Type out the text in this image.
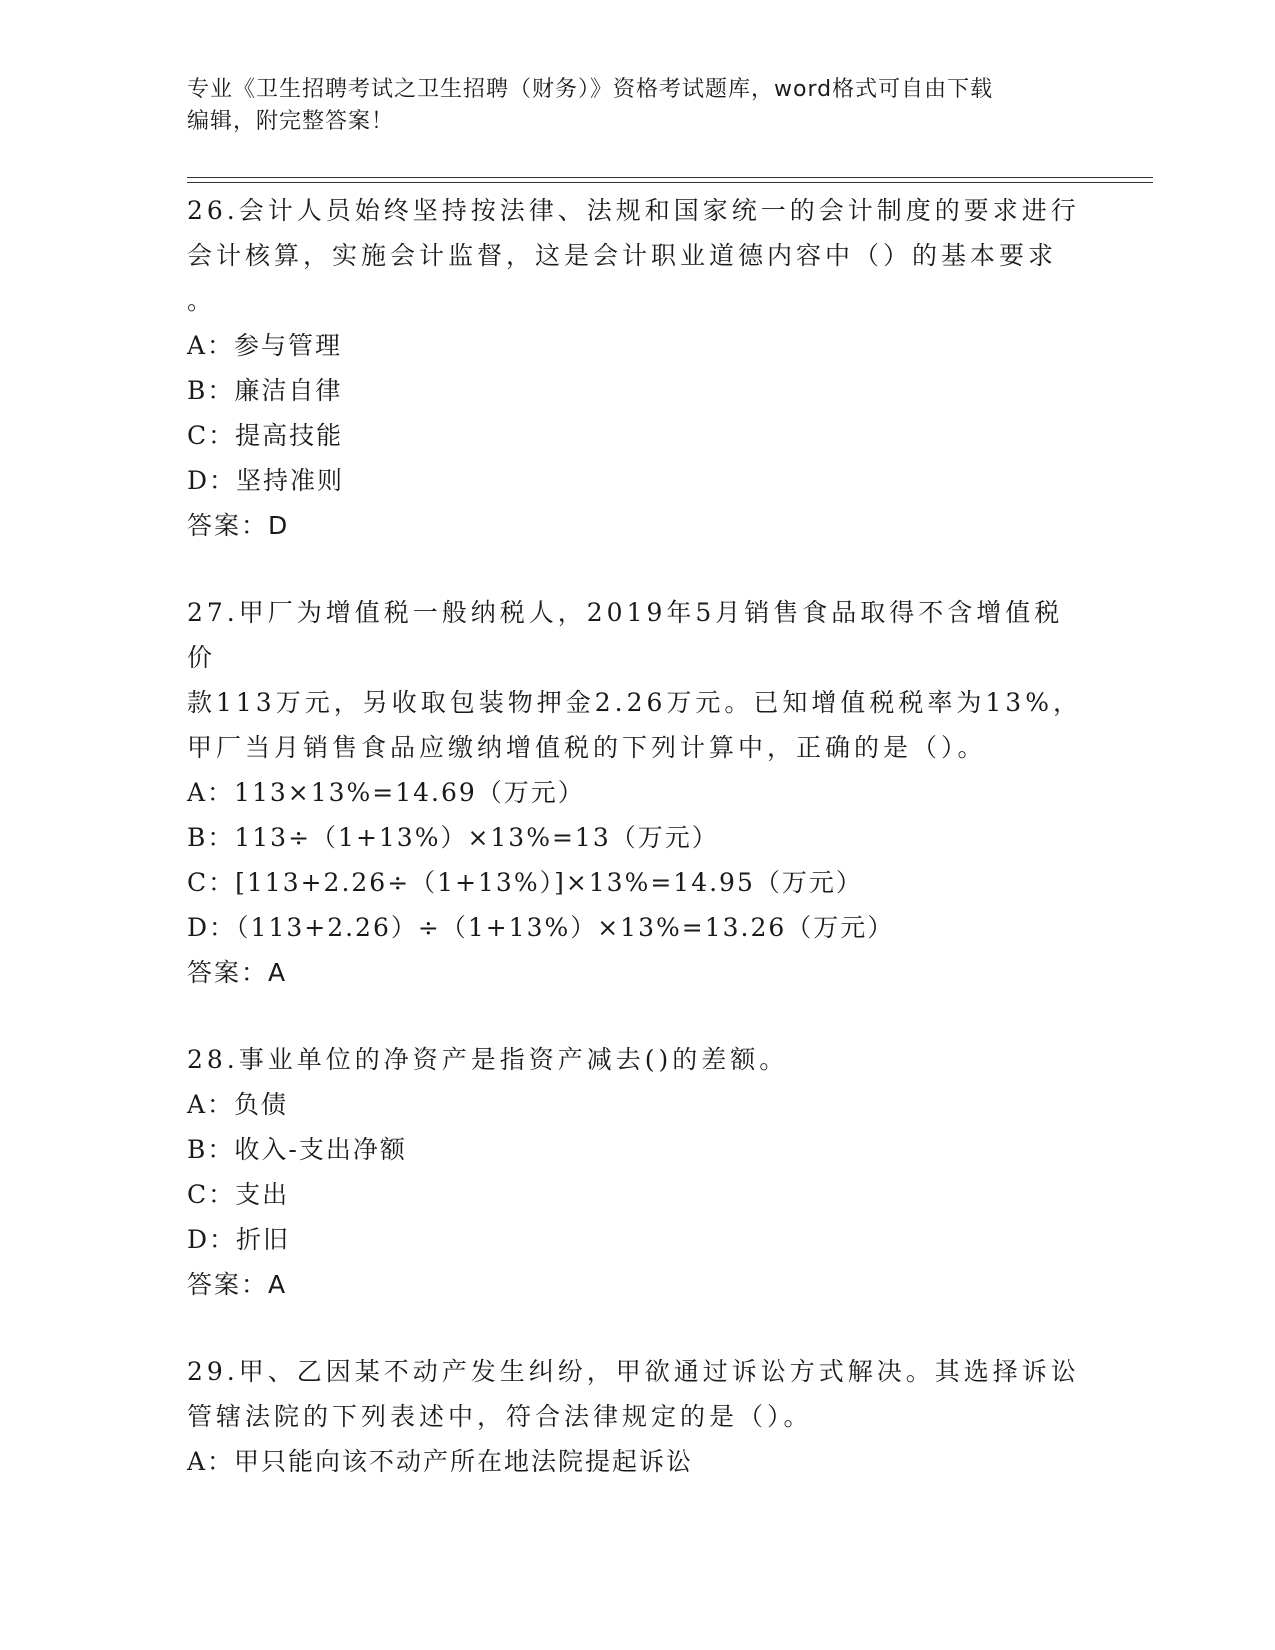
专业《卫生招聘考试之卫生招聘（财务）》资格考试题库，word格式可自由下载
编辑，附完整答案！

26.会计人员始终坚持按法律、法规和国家统一的会计制度的要求进行
会计核算，实施会计监督，这是会计职业道德内容中（）的基本要求
。

A：参与管理

B：廉洁自律

C：提高技能

D：坚持准则

答案：D

27.甲厂为增值税一般纳税人，2019年5月销售食品取得不含增值税价
款113万元，另收取包装物押金2.26万元。已知增值税税率为13%，
甲厂当月销售食品应缴纳增值税的下列计算中，正确的是（）。

A：113×13%=14.69（万元）

B：113÷（1+13%）×13%=13（万元）

C：[113+2.26÷（1+13%）]×13%=14.95（万元）

D：（113+2.26）÷（1+13%）×13%=13.26（万元）

答案：A

28.事业单位的净资产是指资产减去()的差额。

A：负债

B：收入-支出净额

C：支出

D：折旧

答案：A

29.甲、乙因某不动产发生纠纷，甲欲通过诉讼方式解决。其选择诉讼
管辖法院的下列表述中，符合法律规定的是（）。

A：甲只能向该不动产所在地法院提起诉讼
